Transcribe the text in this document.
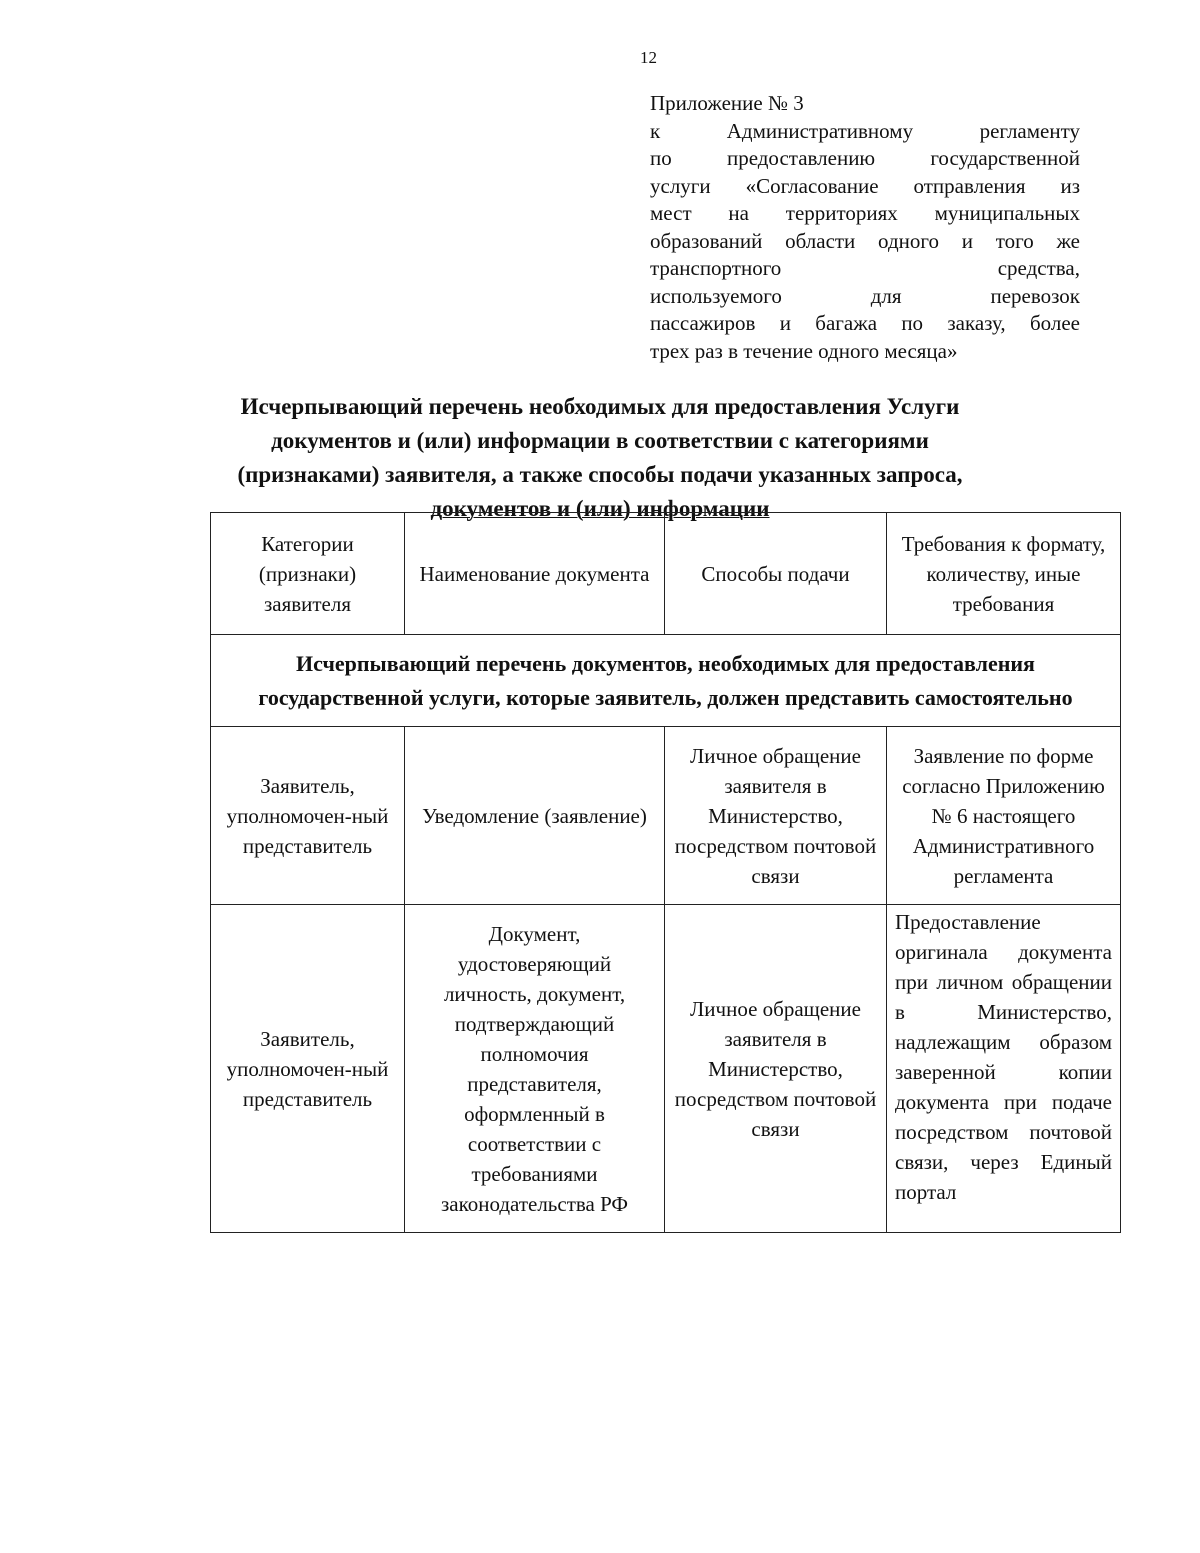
12
Приложение № 3
к Административному регламенту
по предоставлению государственной
услуги «Согласование отправления из
мест на территориях муниципальных
образований области одного и того же
транспортного средства,
используемого для перевозок
пассажиров и багажа по заказу, более
трех раз в течение одного месяца»
Исчерпывающий перечень необходимых для предоставления Услуги
документов и (или) информации в соответствии с категориями
(признаками) заявителя, а также способы подачи указанных запроса,
документов и (или) информации
Категории (признаки) заявителя	Наименование документа	Способы подачи	Требования к формату, количеству, иные требования
Исчерпывающий перечень документов, необходимых для предоставления государственной услуги, которые заявитель, должен представить самостоятельно			
Заявитель, уполномочен-ный представитель	Уведомление (заявление)	Личное обращение заявителя в Министерство, посредством почтовой связи	Заявление по форме согласно Приложению № 6 настоящего Административного регламента
Заявитель, уполномочен-ный представитель	Документ, удостоверяющий личность, документ, подтверждающий полномочия представителя, оформленный в соответствии с требованиями законодательства РФ	Личное обращение заявителя в Министерство, посредством почтовой связи	Предоставление оригинала документа при личном обращении в Министерство, надлежащим образом заверенной копии документа при подаче посредством почтовой связи, через Единый портал
